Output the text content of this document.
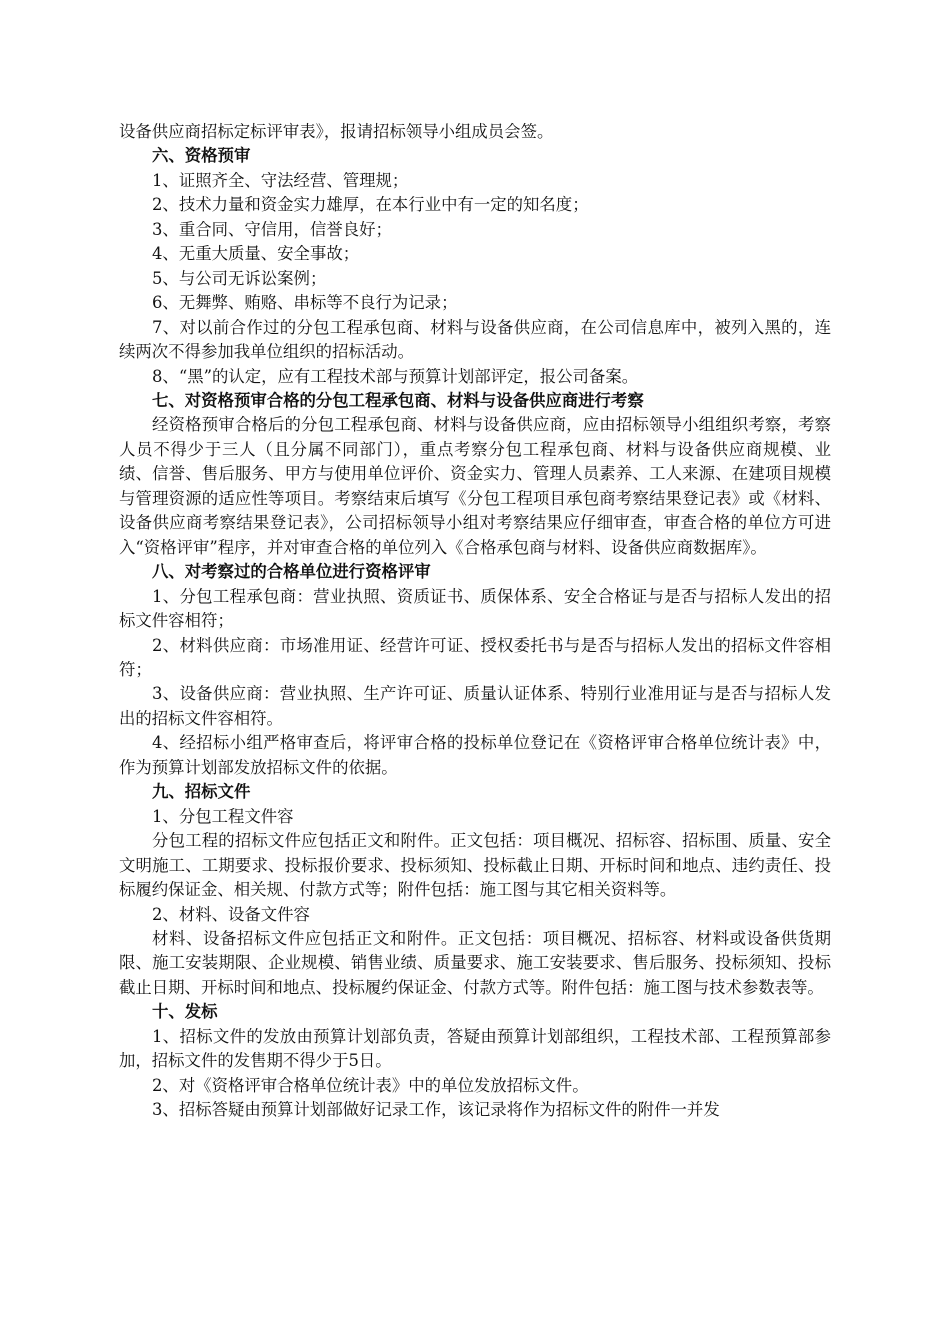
设备供应商招标定标评审表》，报请招标领导小组成员会签。

六、资格预审

1、证照齐全、守法经营、管理规；

2、技术力量和资金实力雄厚，在本行业中有一定的知名度；

3、重合同、守信用，信誉良好；

4、无重大质量、安全事故；

5、与公司无诉讼案例；

6、无舞弊、贿赂、串标等不良行为记录；

7、对以前合作过的分包工程承包商、材料与设备供应商，在公司信息库中，被列入黑的，连续两次不得参加我单位组织的招标活动。

8、“黑”的认定，应有工程技术部与预算计划部评定，报公司备案。

七、对资格预审合格的分包工程承包商、材料与设备供应商进行考察

经资格预审合格后的分包工程承包商、材料与设备供应商，应由招标领导小组组织考察，考察人员不得少于三人（且分属不同部门），重点考察分包工程承包商、材料与设备供应商规模、业绩、信誉、售后服务、甲方与使用单位评价、资金实力、管理人员素养、工人来源、在建项目规模与管理资源的适应性等项目。考察结束后填写《分包工程项目承包商考察结果登记表》或《材料、设备供应商考察结果登记表》，公司招标领导小组对考察结果应仔细审查，审查合格的单位方可进入“资格评审”程序，并对审查合格的单位列入《合格承包商与材料、设备供应商数据库》。

八、对考察过的合格单位进行资格评审

1、分包工程承包商：营业执照、资质证书、质保体系、安全合格证与是否与招标人发出的招标文件容相符；

2、材料供应商：市场准用证、经营许可证、授权委托书与是否与招标人发出的招标文件容相符；

3、设备供应商：营业执照、生产许可证、质量认证体系、特别行业准用证与是否与招标人发出的招标文件容相符。

4、经招标小组严格审查后，将评审合格的投标单位登记在《资格评审合格单位统计表》中，作为预算计划部发放招标文件的依据。

九、招标文件

1、分包工程文件容

分包工程的招标文件应包括正文和附件。正文包括：项目概况、招标容、招标围、质量、安全文明施工、工期要求、投标报价要求、投标须知、投标截止日期、开标时间和地点、违约责任、投标履约保证金、相关规、付款方式等；附件包括：施工图与其它相关资料等。

2、材料、设备文件容

材料、设备招标文件应包括正文和附件。正文包括：项目概况、招标容、材料或设备供货期限、施工安装期限、企业规模、销售业绩、质量要求、施工安装要求、售后服务、投标须知、投标截止日期、开标时间和地点、投标履约保证金、付款方式等。附件包括：施工图与技术参数表等。

十、发标

1、招标文件的发放由预算计划部负责，答疑由预算计划部组织，工程技术部、工程预算部参加，招标文件的发售期不得少于5日。

2、对《资格评审合格单位统计表》中的单位发放招标文件。

3、招标答疑由预算计划部做好记录工作，该记录将作为招标文件的附件一并发
